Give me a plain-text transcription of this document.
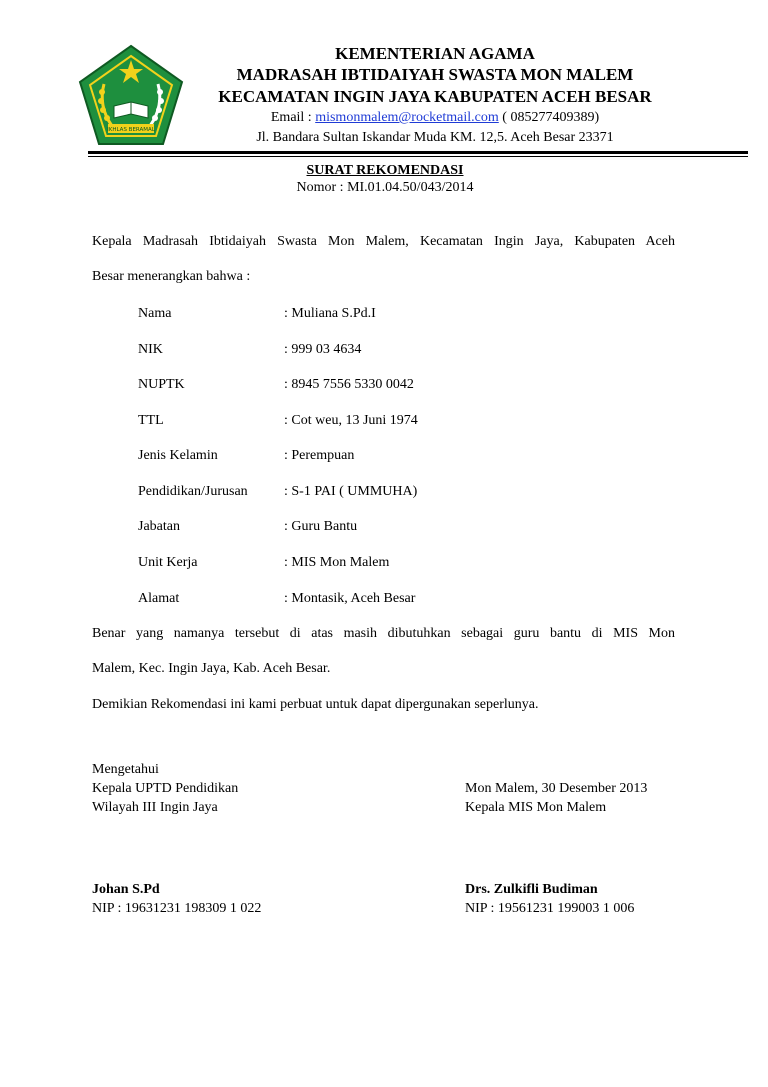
IKHLAS BERAMAL
KEMENTERIAN AGAMA
MADRASAH IBTIDAIYAH SWASTA MON MALEM
KECAMATAN INGIN JAYA KABUPATEN ACEH BESAR
Email : mismonmalem@rocketmail.com ( 085277409389)
Jl. Bandara Sultan Iskandar Muda KM. 12,5. Aceh Besar 23371
SURAT REKOMENDASI
Nomor : MI.01.04.50/043/2014
Kepala Madrasah Ibtidaiyah Swasta Mon Malem, Kecamatan Ingin Jaya, Kabupaten Aceh
Besar menerangkan bahwa :
Nama	: Muliana S.Pd.I
NIK	: 999 03 4634
NUPTK	: 8945 7556 5330 0042
TTL	: Cot weu, 13 Juni 1974
Jenis Kelamin	: Perempuan
Pendidikan/Jurusan	: S-1 PAI ( UMMUHA)
Jabatan	: Guru Bantu
Unit Kerja	: MIS Mon Malem
Alamat	: Montasik, Aceh Besar
Benar yang namanya tersebut di atas masih dibutuhkan sebagai guru bantu di MIS Mon
Malem, Kec. Ingin Jaya, Kab. Aceh Besar.
Demikian Rekomendasi ini kami perbuat untuk dapat dipergunakan seperlunya.
Mengetahui
Kepala UPTD Pendidikan
Wilayah III Ingin Jaya
Johan S.Pd
NIP : 19631231 198309 1 022
Mon Malem, 30 Desember 2013
Kepala MIS Mon Malem
Drs. Zulkifli Budiman
NIP : 19561231 199003 1 006
